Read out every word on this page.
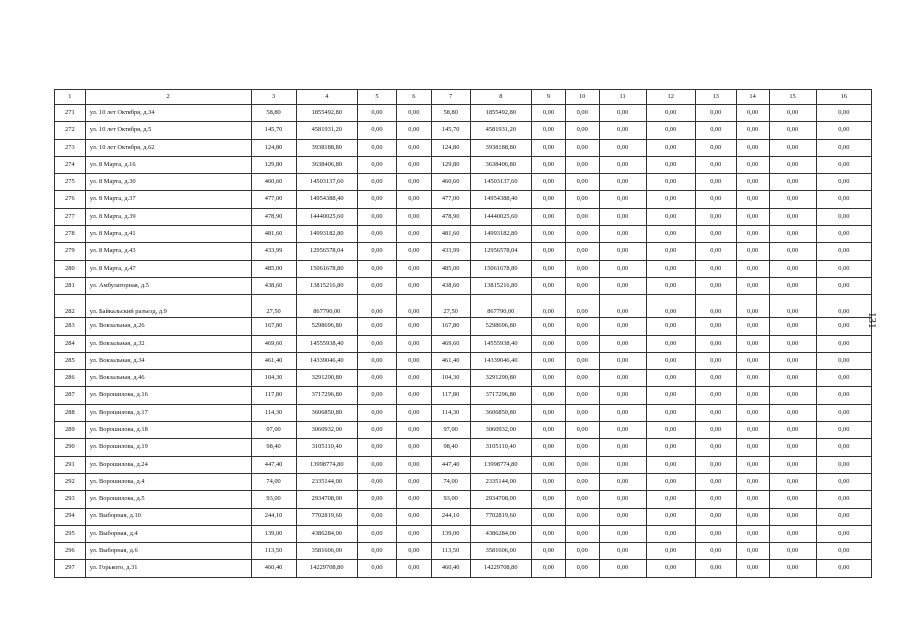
1	2	3	4	5	6	7	8	9	10	11	12	13	14	15	16
271	ул. 10 лет Октября, д.34	58,80	1855492,80	0,00	0,00	58,80	1855492,80	0,00	0,00	0,00	0,00	0,00	0,00	0,00	0,00
272	ул. 10 лет Октября, д.5	145,70	4581931,20	0,00	0,00	145,70	4581931,20	0,00	0,00	0,00	0,00	0,00	0,00	0,00	0,00
273	ул. 10 лет Октября, д.62	124,80	3938188,80	0,00	0,00	124,80	3938188,80	0,00	0,00	0,00	0,00	0,00	0,00	0,00	0,00
274	ул. 8 Марта, д.16	129,80	3638406,80	0,00	0,00	129,80	3638406,80	0,00	0,00	0,00	0,00	0,00	0,00	0,00	0,00
275	ул. 8 Марта, д.30	460,60	14503137,60	0,00	0,00	460,60	14503137,60	0,00	0,00	0,00	0,00	0,00	0,00	0,00	0,00
276	ул. 8 Марта, д.37	477,00	14954388,40	0,00	0,00	477,00	14954388,40	0,00	0,00	0,00	0,00	0,00	0,00	0,00	0,00
277	ул. 8 Марта, д.39	478,90	14440025,60	0,00	0,00	478,90	14440025,60	0,00	0,00	0,00	0,00	0,00	0,00	0,00	0,00
278	ул. 8 Марта, д.41	481,60	14993182,80	0,00	0,00	481,60	14993182,80	0,00	0,00	0,00	0,00	0,00	0,00	0,00	0,00
279	ул. 8 Марта, д.43	433,99	12956578,04	0,00	0,00	433,99	12956578,04	0,00	0,00	0,00	0,00	0,00	0,00	0,00	0,00
280	ул. 8 Марта, д.47	485,00	15061678,80	0,00	0,00	485,00	15061678,80	0,00	0,00	0,00	0,00	0,00	0,00	0,00	0,00
281	ул. Амбулаторная, д.5	438,60	13815216,80	0,00	0,00	438,60	13815216,80	0,00	0,00	0,00	0,00	0,00	0,00	0,00	0,00
282	ул. Байкальский разъезд, д.9	27,50	867790,00	0,00	0,00	27,50	867790,00	0,00	0,00	0,00	0,00	0,00	0,00	0,00	0,00
283	ул. Вокзальная, д.26	167,80	5298696,80	0,00	0,00	167,80	5298696,80	0,00	0,00	0,00	0,00	0,00	0,00	0,00	0,00
284	ул. Вокзальная, д.32	469,60	14555938,40	0,00	0,00	469,60	14555938,40	0,00	0,00	0,00	0,00	0,00	0,00	0,00	0,00
285	ул. Вокзальная, д.34	461,40	14339046,40	0,00	0,00	461,40	14339046,40	0,00	0,00	0,00	0,00	0,00	0,00	0,00	0,00
286	ул. Вокзальная, д.46	104,30	3291290,80	0,00	0,00	104,30	3291290,80	0,00	0,00	0,00	0,00	0,00	0,00	0,00	0,00
287	ул. Ворошилова, д.16	117,80	3717296,80	0,00	0,00	117,80	3717296,80	0,00	0,00	0,00	0,00	0,00	0,00	0,00	0,00
288	ул. Ворошилова, д.17	114,30	3606850,80	0,00	0,00	114,30	3606850,80	0,00	0,00	0,00	0,00	0,00	0,00	0,00	0,00
289	ул. Ворошилова, д.18	97,00	3060932,00	0,00	0,00	97,00	3060932,00	0,00	0,00	0,00	0,00	0,00	0,00	0,00	0,00
290	ул. Ворошилова, д.19	98,40	3105110,40	0,00	0,00	98,40	3105110,40	0,00	0,00	0,00	0,00	0,00	0,00	0,00	0,00
291	ул. Ворошилова, д.24	447,40	13998774,80	0,00	0,00	447,40	13998774,80	0,00	0,00	0,00	0,00	0,00	0,00	0,00	0,00
292	ул. Ворошилова, д.4	74,00	2335144,00	0,00	0,00	74,00	2335144,00	0,00	0,00	0,00	0,00	0,00	0,00	0,00	0,00
293	ул. Ворошилова, д.5	93,00	2934708,00	0,00	0,00	93,00	2934708,00	0,00	0,00	0,00	0,00	0,00	0,00	0,00	0,00
294	ул. Выборная, д.10	244,10	7702819,60	0,00	0,00	244,10	7702819,60	0,00	0,00	0,00	0,00	0,00	0,00	0,00	0,00
295	ул. Выборная, д.4	139,00	4386284,00	0,00	0,00	139,00	4386284,00	0,00	0,00	0,00	0,00	0,00	0,00	0,00	0,00
296	ул. Выборная, д.6	113,50	3581606,00	0,00	0,00	113,50	3581606,00	0,00	0,00	0,00	0,00	0,00	0,00	0,00	0,00
297	ул. Горького, д.31	460,40	14229708,80	0,00	0,00	460,40	14229708,80	0,00	0,00	0,00	0,00	0,00	0,00	0,00	0,00
131
